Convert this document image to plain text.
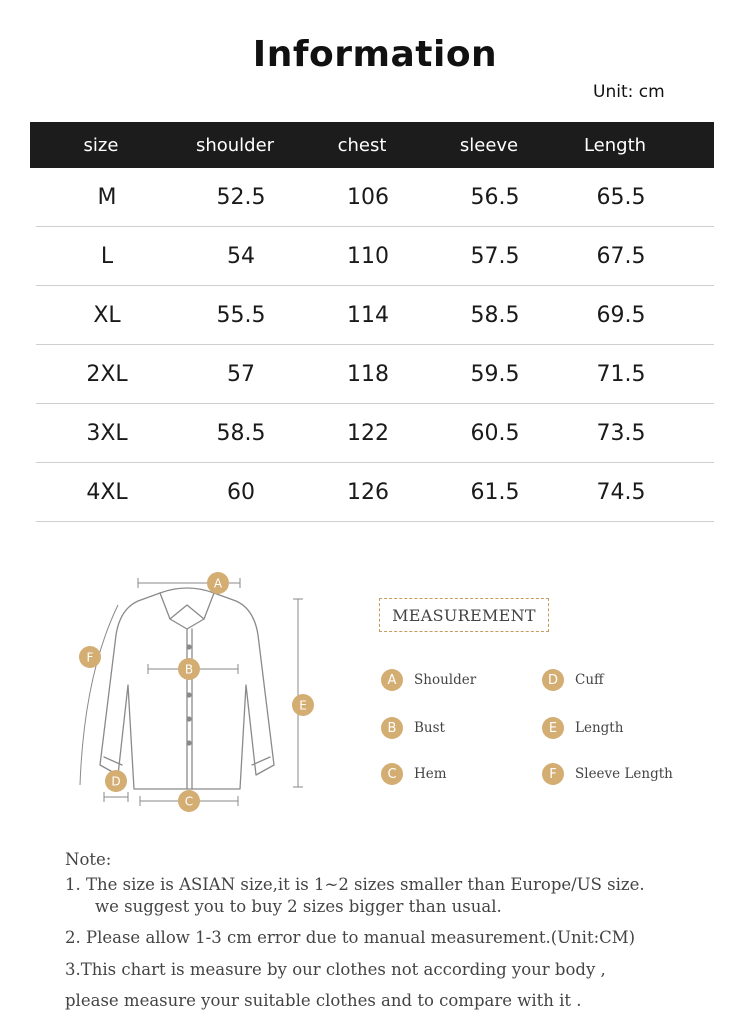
Information
Unit: cm
size	shoulder	chest	sleeve	Length
M	52.5	106	56.5	65.5
L	54	110	57.5	67.5
XL	55.5	114	58.5	69.5
2XL	57	118	59.5	71.5
3XL	58.5	122	60.5	73.5
4XL	60	126	61.5	74.5
A
B
C
D
E
F
MEASUREMENT
A	Shoulder
B	Bust
C	Hem
D	Cuff
E	Length
F	Sleeve Length
Note:
1. The size is ASIAN size,it is 1~2 sizes smaller than Europe/US size.
we suggest you to buy 2 sizes bigger than usual.
2. Please allow 1-3 cm error due to manual measurement.(Unit:CM)
3.This chart is measure by our clothes not according your body ,
please measure your suitable clothes and to compare with it .
